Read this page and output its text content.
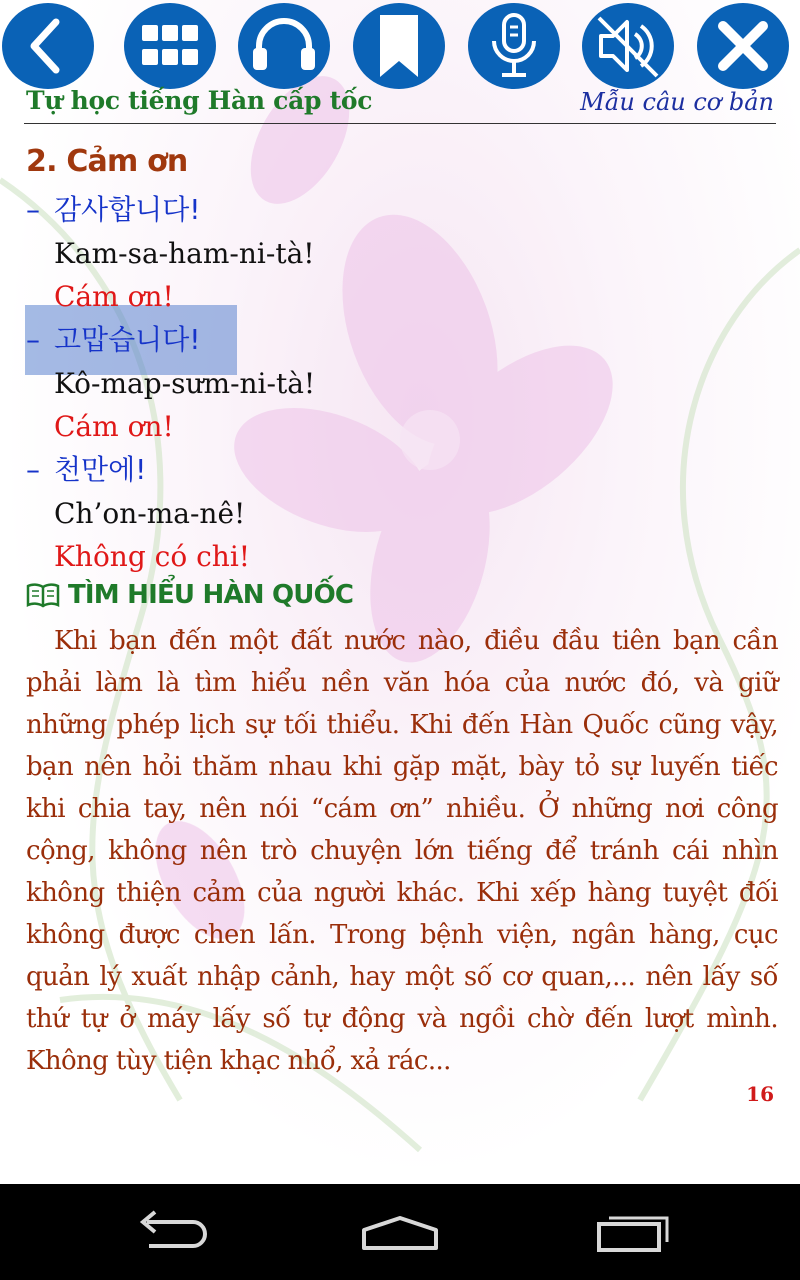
Tự học tiếng Hàn cấp tốc	Mẫu câu cơ bản
2. Cảm ơn
– 감사합니다!
Kam-sa-ham-ni-tà!
Cám ơn!
– 고맙습니다!
Kô-map-sưm-ni-tà!
Cám ơn!
– 천만에!
Ch’on-ma-nê!
Không có chi!
TÌM HIỂU HÀN QUỐC
Khi bạn đến một đất nước nào, điều đầu tiên bạn cần phải làm là tìm hiểu nền văn hóa của nước đó, và giữ những phép lịch sự tối thiểu. Khi đến Hàn Quốc cũng vậy, bạn nên hỏi thăm nhau khi gặp mặt, bày tỏ sự luyến tiếc khi chia tay, nên nói “cám ơn” nhiều. Ở những nơi công cộng, không nên trò chuyện lớn tiếng để tránh cái nhìn không thiện cảm của người khác. Khi xếp hàng tuyệt đối không được chen lấn. Trong bệnh viện, ngân hàng, cục quản lý xuất nhập cảnh, hay một số cơ quan,... nên lấy số thứ tự ở máy lấy số tự động và ngồi chờ đến lượt mình. Không tùy tiện khạc nhổ, xả rác...
16
